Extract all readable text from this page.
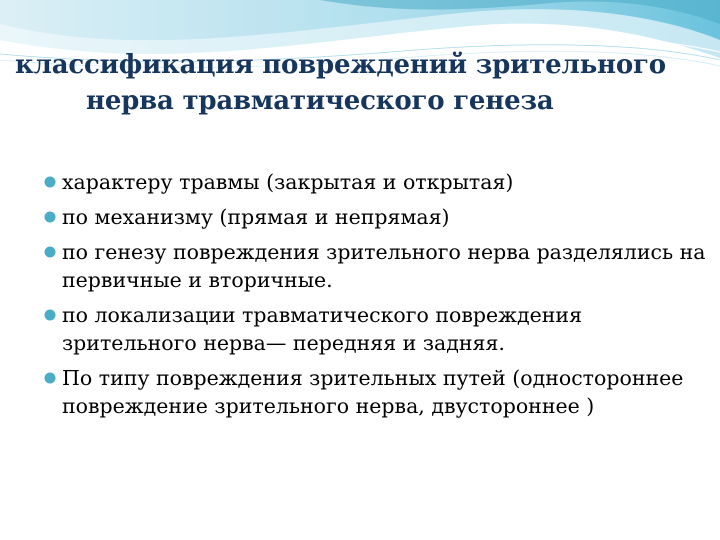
классификация повреждений зрительного
нерва травматического генеза
характеру травмы (закрытая и открытая)
по механизму (прямая и непрямая)
по генезу повреждения зрительного нерва разделялись на первичные и вторичные.
по локализации травматического повреждения зрительного нерва— передняя и задняя.
По типу повреждения зрительных путей (одностороннее повреждение зрительного нерва, двустороннее )
